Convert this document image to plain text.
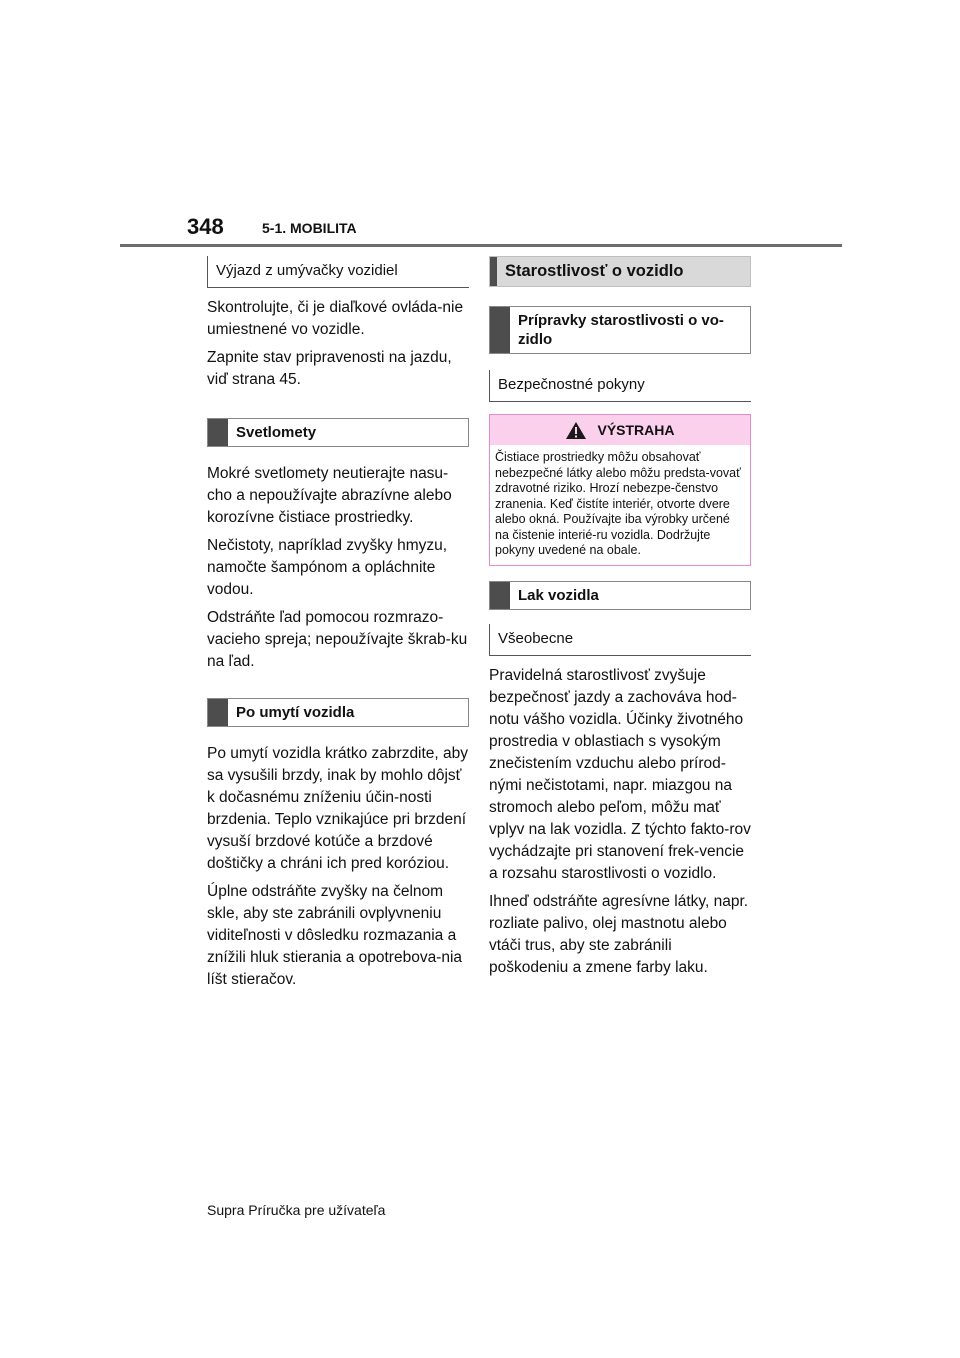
348	5-1. MOBILITA
Výjazd z umývačky vozidiel

Skontrolujte, či je diaľkové ovláda-nie umiestnené vo vozidle.

Zapnite stav pripravenosti na jazdu, viď strana 45.

Svetlomety

Mokré svetlomety neutierajte nasu-cho a nepoužívajte abrazívne alebo korozívne čistiace prostriedky.

Nečistoty, napríklad zvyšky hmyzu, namočte šampónom a opláchnite vodou.

Odstráňte ľad pomocou rozmrazo-vacieho spreja; nepoužívajte škrab-ku na ľad.

Po umytí vozidla

Po umytí vozidla krátko zabrzdite, aby sa vysušili brzdy, inak by mohlo dôjsť k dočasnému zníženiu účin-nosti brzdenia. Teplo vznikajúce pri brzdení vysuší brzdové kotúče a brzdové doštičky a chráni ich pred koróziou.

Úplne odstráňte zvyšky na čelnom skle, aby ste zabránili ovplyvneniu viditeľnosti v dôsledku rozmazania a znížili hluk stierania a opotrebova-nia líšt stieračov.

Starostlivosť o vozidlo
Prípravky starostlivosti o vo-zidlo
Bezpečnostné pokyny
VÝSTRAHA
Čistiace prostriedky môžu obsahovať nebezpečné látky alebo môžu predsta-vovať zdravotné riziko. Hrozí nebezpe-čenstvo zranenia. Keď čistíte interiér, otvorte dvere alebo okná. Používajte iba výrobky určené na čistenie interié-ru vozidla. Dodržujte pokyny uvedené na obale.
Lak vozidla
Všeobecne

Pravidelná starostlivosť zvyšuje bezpečnosť jazdy a zachováva hod-notu vášho vozidla. Účinky životného prostredia v oblastiach s vysokým znečistením vzduchu alebo prírod-nými nečistotami, napr. miazgou na stromoch alebo peľom, môžu mať vplyv na lak vozidla. Z týchto fakto-rov vychádzajte pri stanovení frek-vencie a rozsahu starostlivosti o vozidlo.

Ihneď odstráňte agresívne látky, napr. rozliate palivo, olej mastnotu alebo vtáči trus, aby ste zabránili poškodeniu a zmene farby laku.

Supra Príručka pre užívateľa
